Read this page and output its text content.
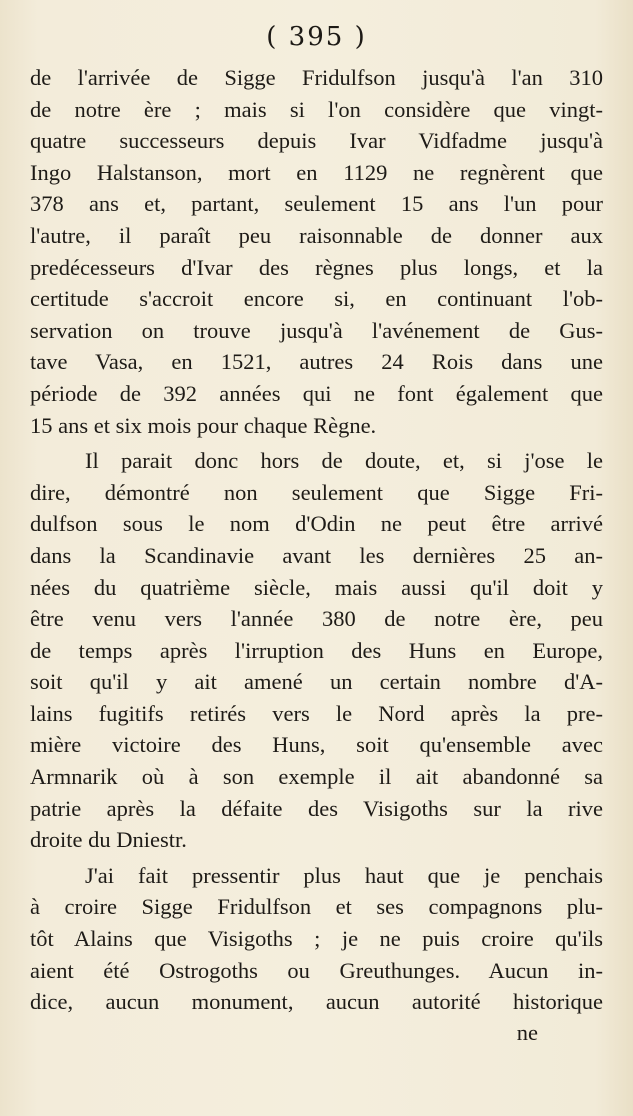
( 395 )
de l'arrivée de Sigge Fridulfson jusqu'à l'an 310
de notre ère ; mais si l'on considère que vingt-
quatre successeurs depuis Ivar Vidfadme jusqu'à
Ingo Halstanson, mort en 1129 ne regnèrent que
378 ans et, partant, seulement 15 ans l'un pour
l'autre, il paraît peu raisonnable de donner aux
predécesseurs d'Ivar des règnes plus longs, et la
certitude s'accroit encore si, en continuant l'ob-
servation on trouve jusqu'à l'avénement de Gus-
tave Vasa, en 1521, autres 24 Rois dans une
période de 392 années qui ne font également que
15 ans et six mois pour chaque Règne.
Il parait donc hors de doute, et, si j'ose le
dire, démontré non seulement que Sigge Fri-
dulfson sous le nom d'Odin ne peut être arrivé
dans la Scandinavie avant les dernières 25 an-
nées du quatrième siècle, mais aussi qu'il doit y
être venu vers l'année 380 de notre ère, peu
de temps après l'irruption des Huns en Europe,
soit qu'il y ait amené un certain nombre d'A-
lains fugitifs retirés vers le Nord après la pre-
mière victoire des Huns, soit qu'ensemble avec
Armnarik où à son exemple il ait abandonné sa
patrie après la défaite des Visigoths sur la rive
droite du Dniestr.
J'ai fait pressentir plus haut que je penchais
à croire Sigge Fridulfson et ses compagnons plu-
tôt Alains que Visigoths ; je ne puis croire qu'ils
aient été Ostrogoths ou Greuthunges. Aucun in-
dice, aucun monument, aucun autorité historique
ne
